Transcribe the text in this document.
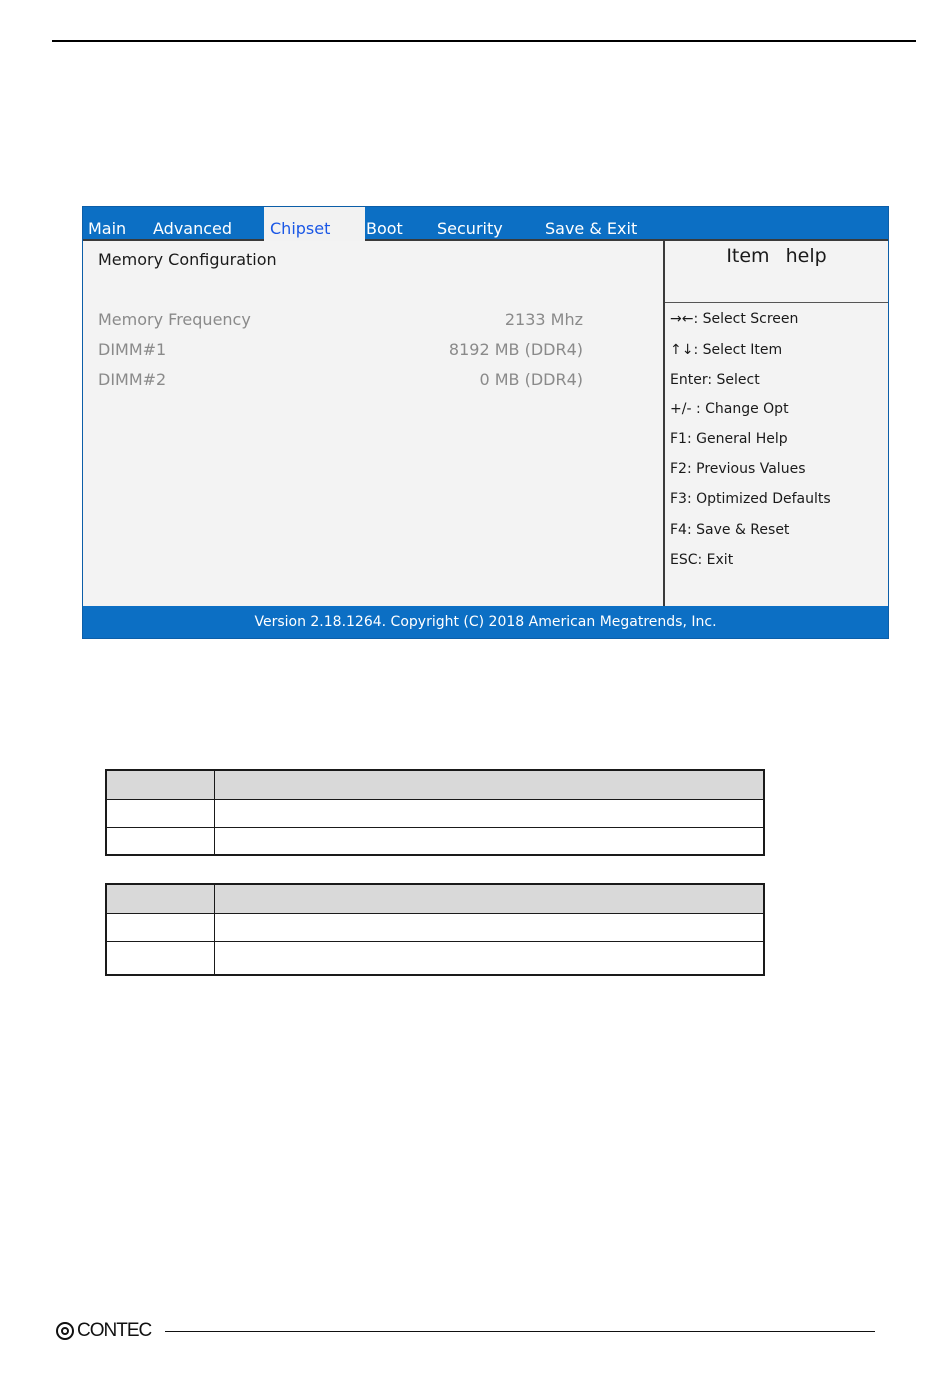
Main Advanced	Chipset	Boot Security	Save & Exit
Memory Configuration
Memory Frequency	2133 Mhz
DIMM#1	8192 MB (DDR4)
DIMM#2	0 MB (DDR4)
Item help
→←: Select Screen
↑↓: Select Item
Enter: Select
+/- : Change Opt
F1: General Help
F2: Previous Values
F3: Optimized Defaults
F4: Save & Reset
ESC: Exit
Version 2.18.1264. Copyright (C) 2018 American Megatrends, Inc.
CONTEC
